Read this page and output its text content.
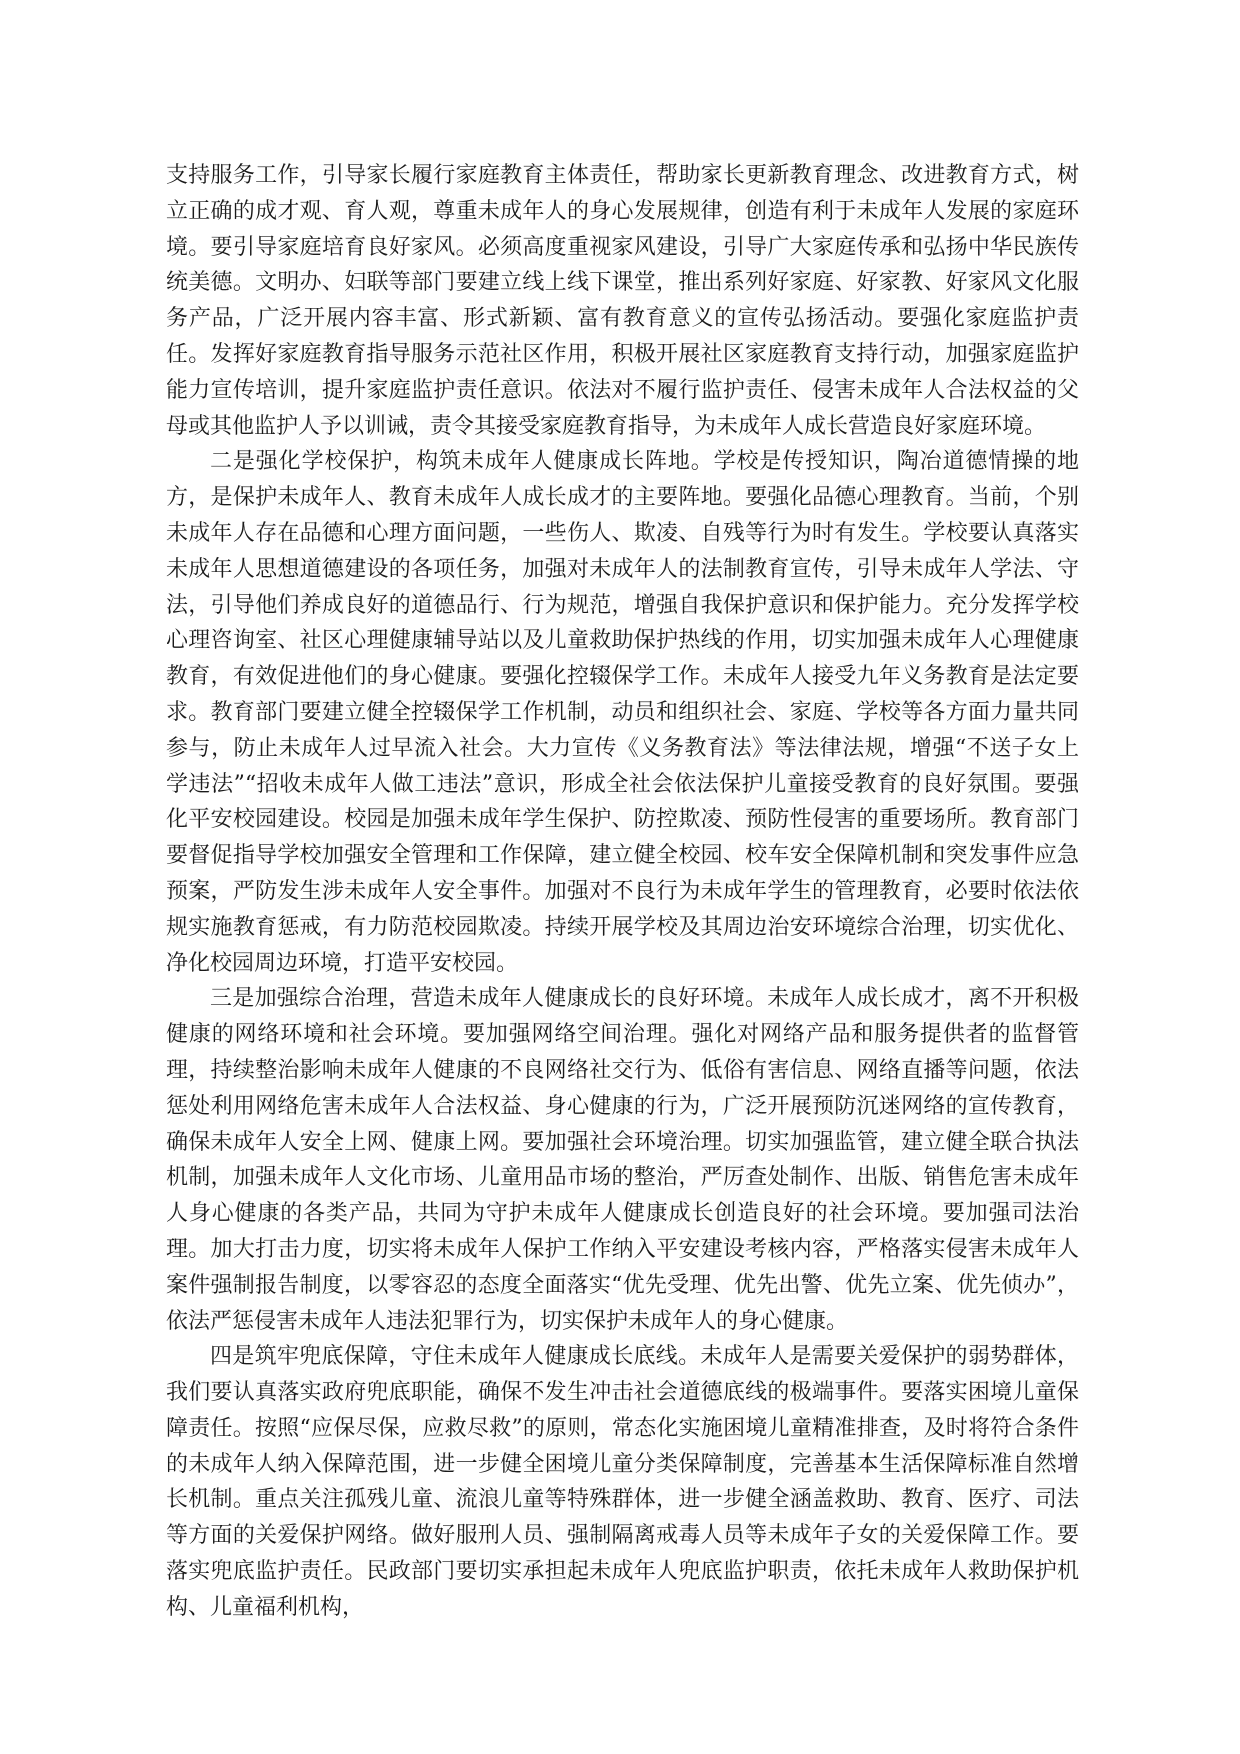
支持服务工作，引导家长履行家庭教育主体责任，帮助家长更新教育理念、改进教育方式，树立正确的成才观、育人观，尊重未成年人的身心发展规律，创造有利于未成年人发展的家庭环境。要引导家庭培育良好家风。必须高度重视家风建设，引导广大家庭传承和弘扬中华民族传统美德。文明办、妇联等部门要建立线上线下课堂，推出系列好家庭、好家教、好家风文化服务产品，广泛开展内容丰富、形式新颖、富有教育意义的宣传弘扬活动。要强化家庭监护责任。发挥好家庭教育指导服务示范社区作用，积极开展社区家庭教育支持行动，加强家庭监护能力宣传培训，提升家庭监护责任意识。依法对不履行监护责任、侵害未成年人合法权益的父母或其他监护人予以训诫，责令其接受家庭教育指导，为未成年人成长营造良好家庭环境。

二是强化学校保护，构筑未成年人健康成长阵地。学校是传授知识，陶冶道德情操的地方，是保护未成年人、教育未成年人成长成才的主要阵地。要强化品德心理教育。当前，个别未成年人存在品德和心理方面问题，一些伤人、欺凌、自残等行为时有发生。学校要认真落实未成年人思想道德建设的各项任务，加强对未成年人的法制教育宣传，引导未成年人学法、守法，引导他们养成良好的道德品行、行为规范，增强自我保护意识和保护能力。充分发挥学校心理咨询室、社区心理健康辅导站以及儿童救助保护热线的作用，切实加强未成年人心理健康教育，有效促进他们的身心健康。要强化控辍保学工作。未成年人接受九年义务教育是法定要求。教育部门要建立健全控辍保学工作机制，动员和组织社会、家庭、学校等各方面力量共同参与，防止未成年人过早流入社会。大力宣传《义务教育法》等法律法规，增强“不送子女上学违法”“招收未成年人做工违法”意识，形成全社会依法保护儿童接受教育的良好氛围。要强化平安校园建设。校园是加强未成年学生保护、防控欺凌、预防性侵害的重要场所。教育部门要督促指导学校加强安全管理和工作保障，建立健全校园、校车安全保障机制和突发事件应急预案，严防发生涉未成年人安全事件。加强对不良行为未成年学生的管理教育，必要时依法依规实施教育惩戒，有力防范校园欺凌。持续开展学校及其周边治安环境综合治理，切实优化、净化校园周边环境，打造平安校园。

三是加强综合治理，营造未成年人健康成长的良好环境。未成年人成长成才，离不开积极健康的网络环境和社会环境。要加强网络空间治理。强化对网络产品和服务提供者的监督管理，持续整治影响未成年人健康的不良网络社交行为、低俗有害信息、网络直播等问题，依法惩处利用网络危害未成年人合法权益、身心健康的行为，广泛开展预防沉迷网络的宣传教育，确保未成年人安全上网、健康上网。要加强社会环境治理。切实加强监管，建立健全联合执法机制，加强未成年人文化市场、儿童用品市场的整治，严厉查处制作、出版、销售危害未成年人身心健康的各类产品，共同为守护未成年人健康成长创造良好的社会环境。要加强司法治理。加大打击力度，切实将未成年人保护工作纳入平安建设考核内容，严格落实侵害未成年人案件强制报告制度，以零容忍的态度全面落实“优先受理、优先出警、优先立案、优先侦办”，依法严惩侵害未成年人违法犯罪行为，切实保护未成年人的身心健康。

四是筑牢兜底保障，守住未成年人健康成长底线。未成年人是需要关爱保护的弱势群体，我们要认真落实政府兜底职能，确保不发生冲击社会道德底线的极端事件。要落实困境儿童保障责任。按照“应保尽保，应救尽救”的原则，常态化实施困境儿童精准排查，及时将符合条件的未成年人纳入保障范围，进一步健全困境儿童分类保障制度，完善基本生活保障标准自然增长机制。重点关注孤残儿童、流浪儿童等特殊群体，进一步健全涵盖救助、教育、医疗、司法等方面的关爱保护网络。做好服刑人员、强制隔离戒毒人员等未成年子女的关爱保障工作。要落实兜底监护责任。民政部门要切实承担起未成年人兜底监护职责，依托未成年人救助保护机构、儿童福利机构，
